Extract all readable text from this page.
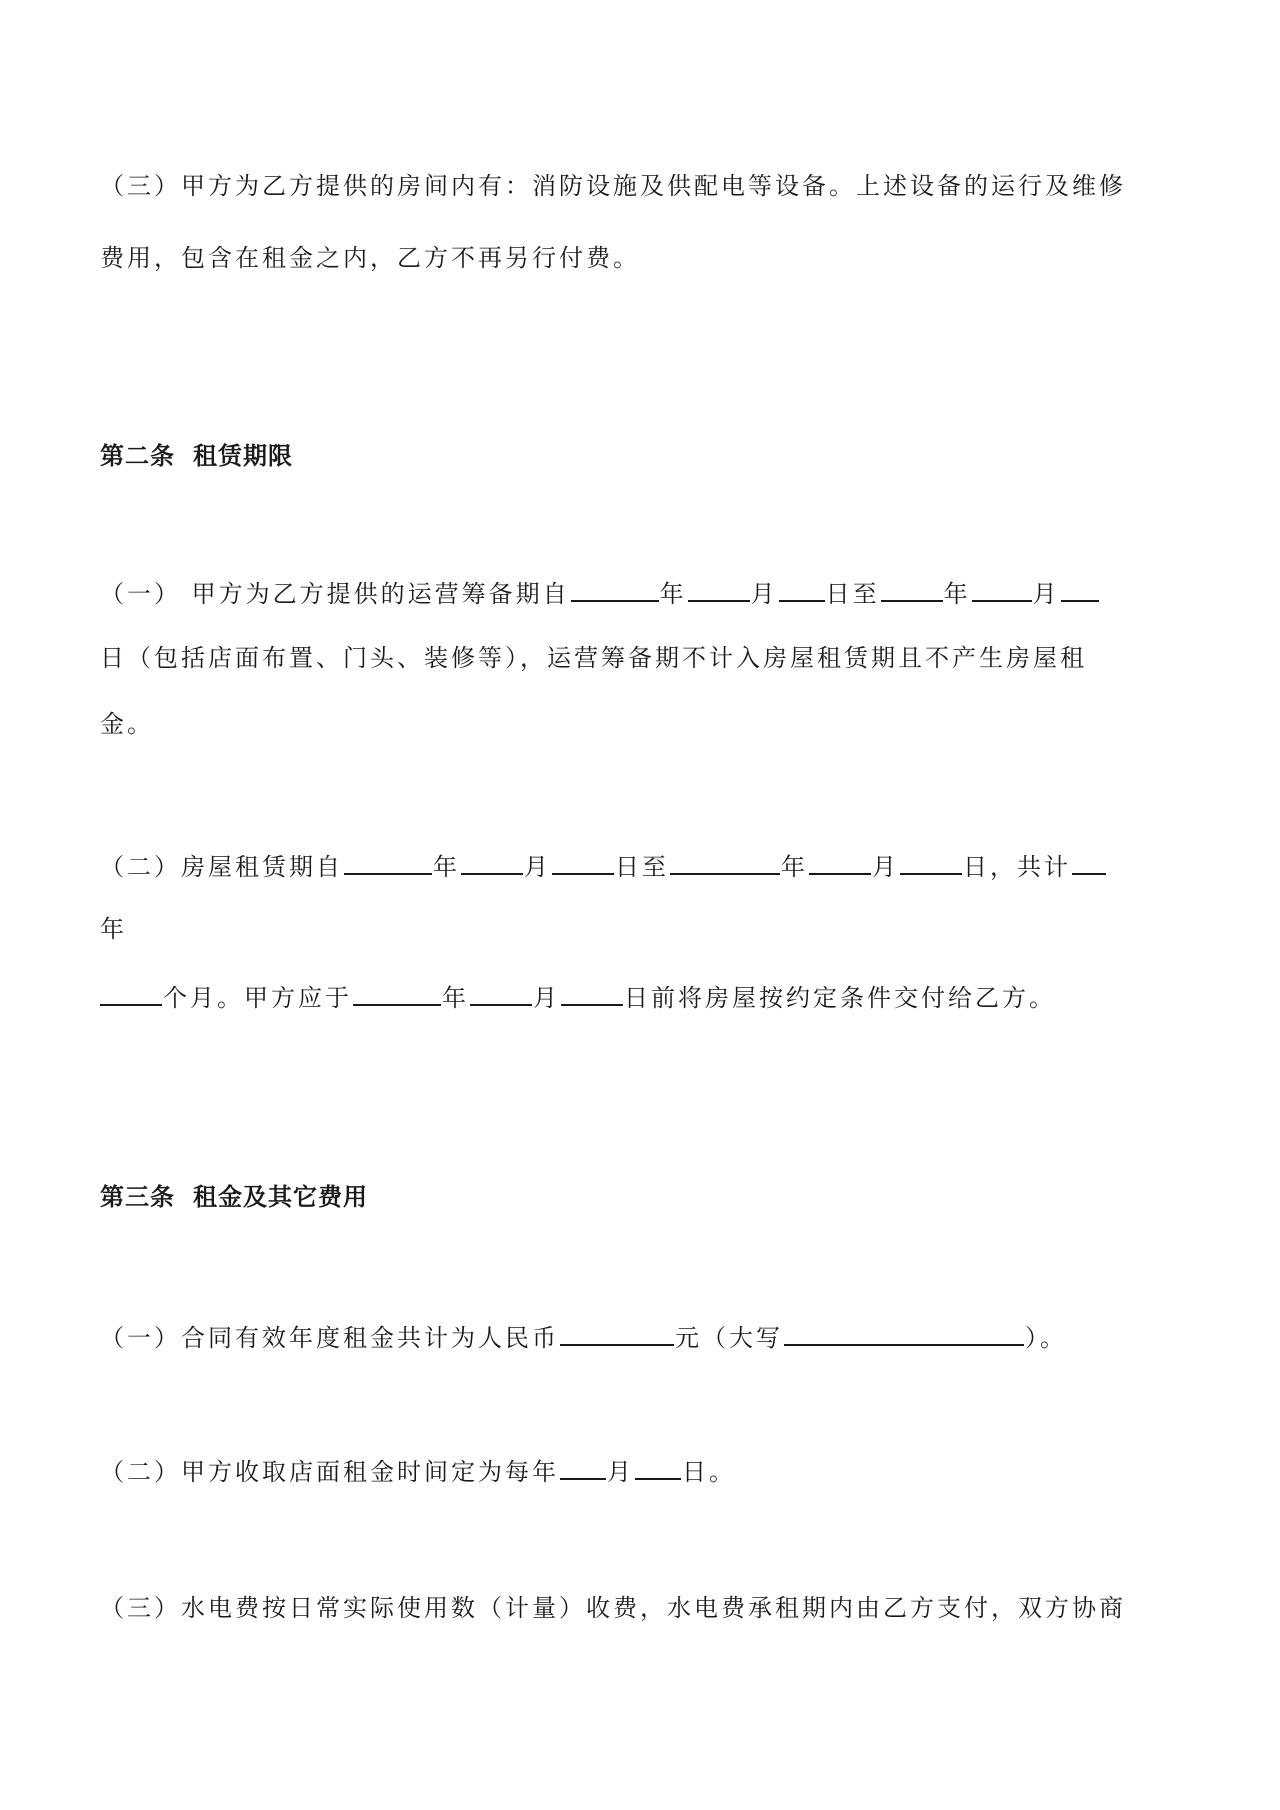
（三）甲方为乙方提供的房间内有：消防设施及供配电等设备。上述设备的运行及维修
费用，包含在租金之内，乙方不再另行付费。
第二条 租赁期限
（一） 甲方为乙方提供的运营筹备期自	年	月 日至	年	月
日（包括店面布置、门头、装修等），运营筹备期不计入房屋租赁期且不产生房屋租
金。
（二）房屋租赁期自	年	月	日至	年	月	日，共计
年
个月。甲方应于	年	月	日前将房屋按约定条件交付给乙方。
第三条 租金及其它费用
（一）合同有效年度租金共计为人民币	元（大写	）。
（二）甲方收取店面租金时间定为每年 月 日。
（三）水电费按日常实际使用数（计量）收费，水电费承租期内由乙方支付，双方协商
